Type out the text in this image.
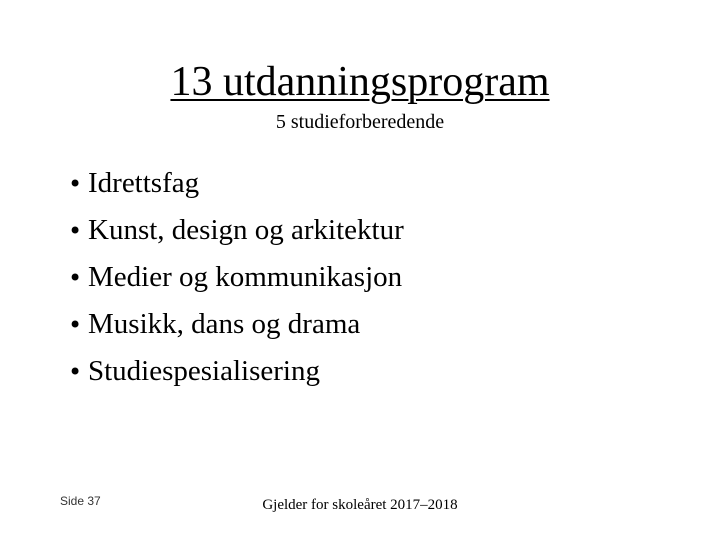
13 utdanningsprogram
5 studieforberedende
• Idrettsfag
• Kunst, design og arkitektur
• Medier og kommunikasjon
• Musikk, dans og drama
• Studiespesialisering
Side 37	Gjelder for skoleåret 2017–2018
